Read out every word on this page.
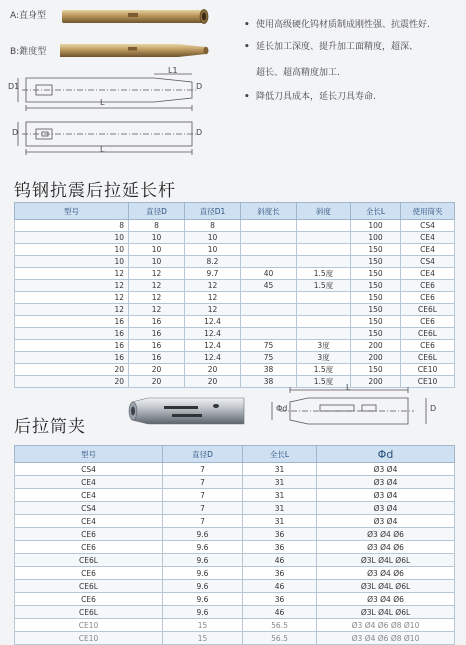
A:直身型
B:錐度型
D1
L1
L
D
D	D
L
• 使用高级硬化钨材质制成刚性强、抗震性好.
• 延长加工深度、提升加工面精度，超深、
超长、超高精度加工.
• 降低刀具成本，延长刀具寿命.
钨钢抗震后拉延长杆
型号	直径D	直径D1	斜度长	斜度	全长L	使用筒夹
8	8	8			100	CS4
10	10	10			100	CE4
10	10	10			150	CE4
10	10	8.2			150	CS4
12	12	9.7	40	1.5度	150	CE4
12	12	12	45	1.5度	150	CE6
12	12	12			150	CE6
12	12	12			150	CE6L
16	16	12.4			150	CE6
16	16	12.4			150	CE6L
16	16	12.4	75	3度	200	CE6
16	16	12.4	75	3度	200	CE6L
20	20	20	38	1.5度	150	CE10
20	20	20	38	1.5度	200	CE10
后拉筒夹
L
Φd	D
型号	直径D	全长L	Φd
CS4	7	31	Ø3 Ø4
CE4	7	31	Ø3 Ø4
CE4	7	31	Ø3 Ø4
CS4	7	31	Ø3 Ø4
CE4	7	31	Ø3 Ø4
CE6	9.6	36	Ø3 Ø4 Ø6
CE6	9.6	36	Ø3 Ø4 Ø6
CE6L	9.6	46	Ø3L Ø4L Ø6L
CE6	9.6	36	Ø3 Ø4 Ø6
CE6L	9.6	46	Ø3L Ø4L Ø6L
CE6	9.6	36	Ø3 Ø4 Ø6
CE6L	9.6	46	Ø3L Ø4L Ø6L
CE10	15	56.5	Ø3 Ø4 Ø6 Ø8 Ø10
CE10	15	56.5	Ø3 Ø4 Ø6 Ø8 Ø10
